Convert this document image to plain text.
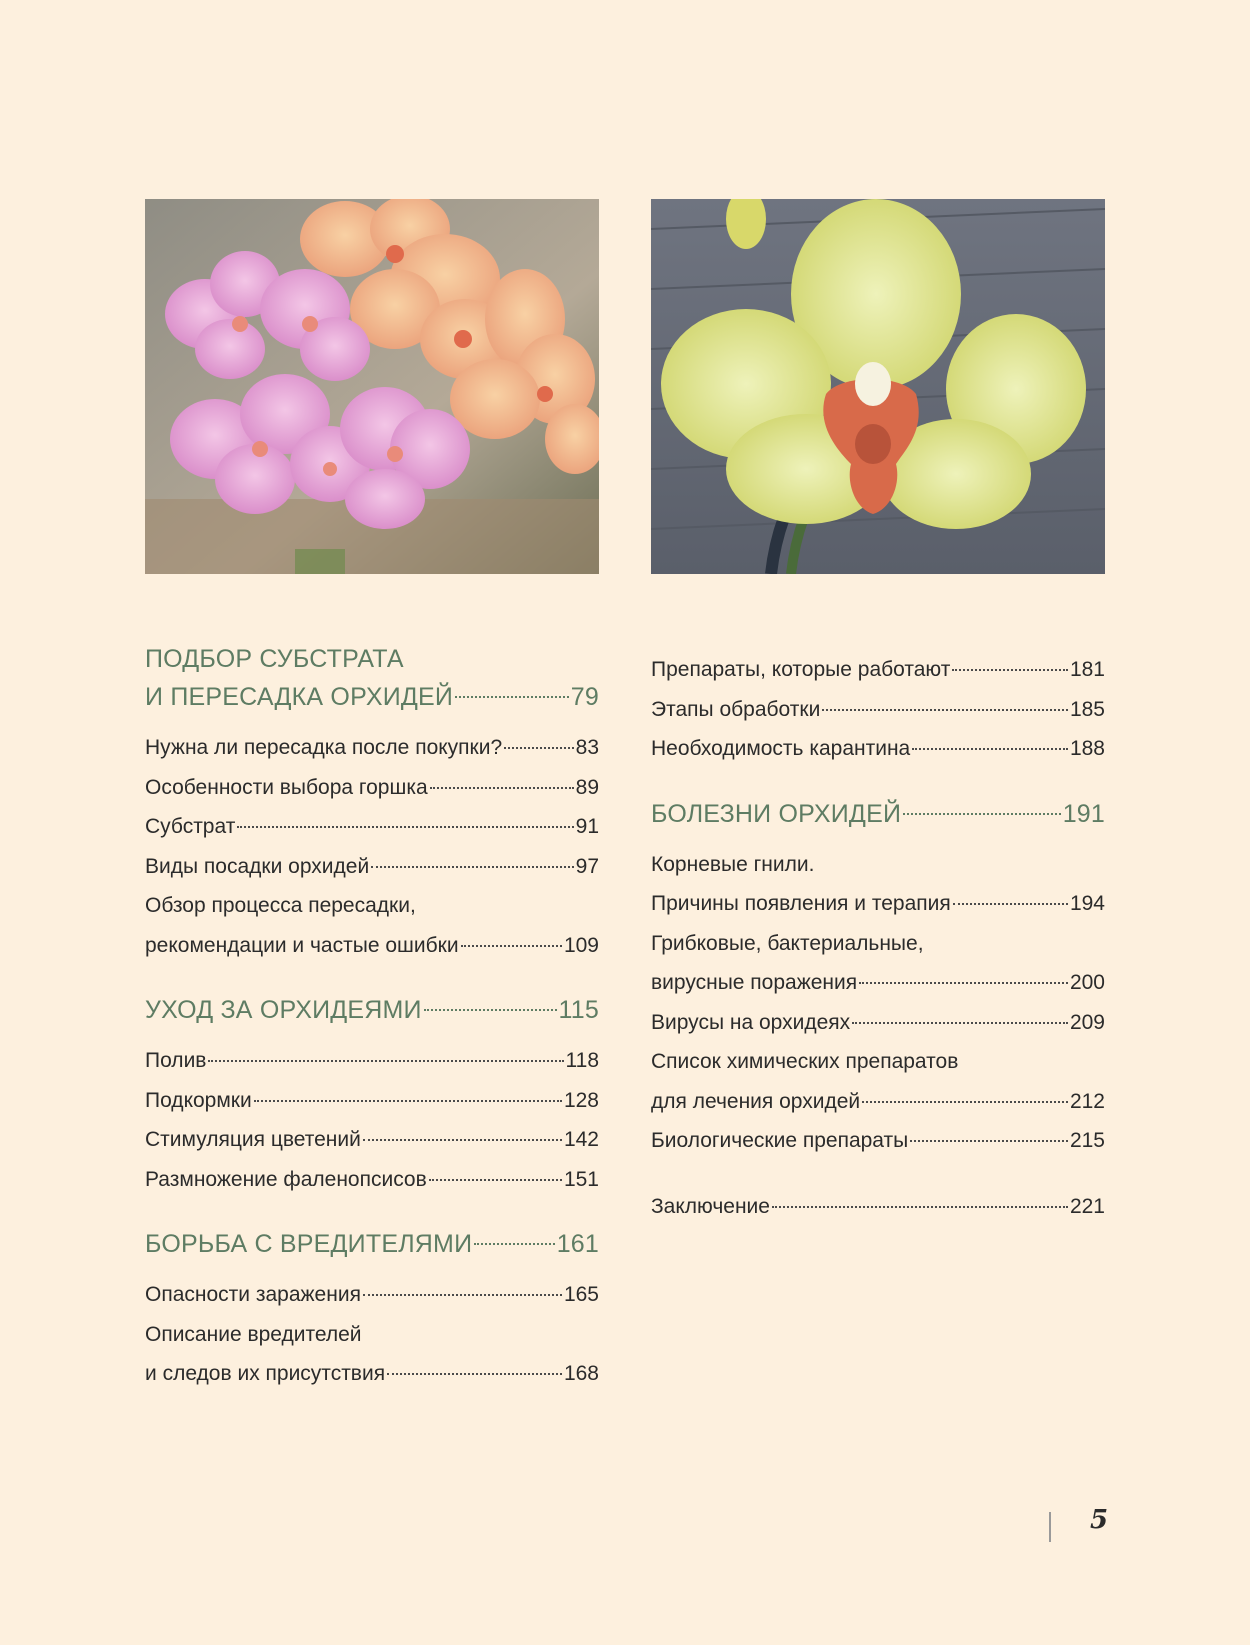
ПОДБОР СУБСТРАТА
И ПЕРЕСАДКА ОРХИДЕЙ	79
Нужна ли пересадка после покупки?	83
Особенности выбора горшка	89
Субстрат	91
Виды посадки орхидей	97
Обзор процесса пересадки,
рекомендации и частые ошибки	109
УХОД ЗА ОРХИДЕЯМИ	115
Полив	118
Подкормки	128
Стимуляция цветений	142
Размножение фаленопсисов	151
БОРЬБА С ВРЕДИТЕЛЯМИ	161
Опасности заражения	165
Описание вредителей
и следов их присутствия	168
Препараты, которые работают	181
Этапы обработки	185
Необходимость карантина	188
БОЛЕЗНИ ОРХИДЕЙ	191
Корневые гнили.
Причины появления и терапия	194
Грибковые, бактериальные,
вирусные поражения	200
Вирусы на орхидеях	209
Список химических препаратов
для лечения орхидей	212
Биологические препараты	215
Заключение	221
5
